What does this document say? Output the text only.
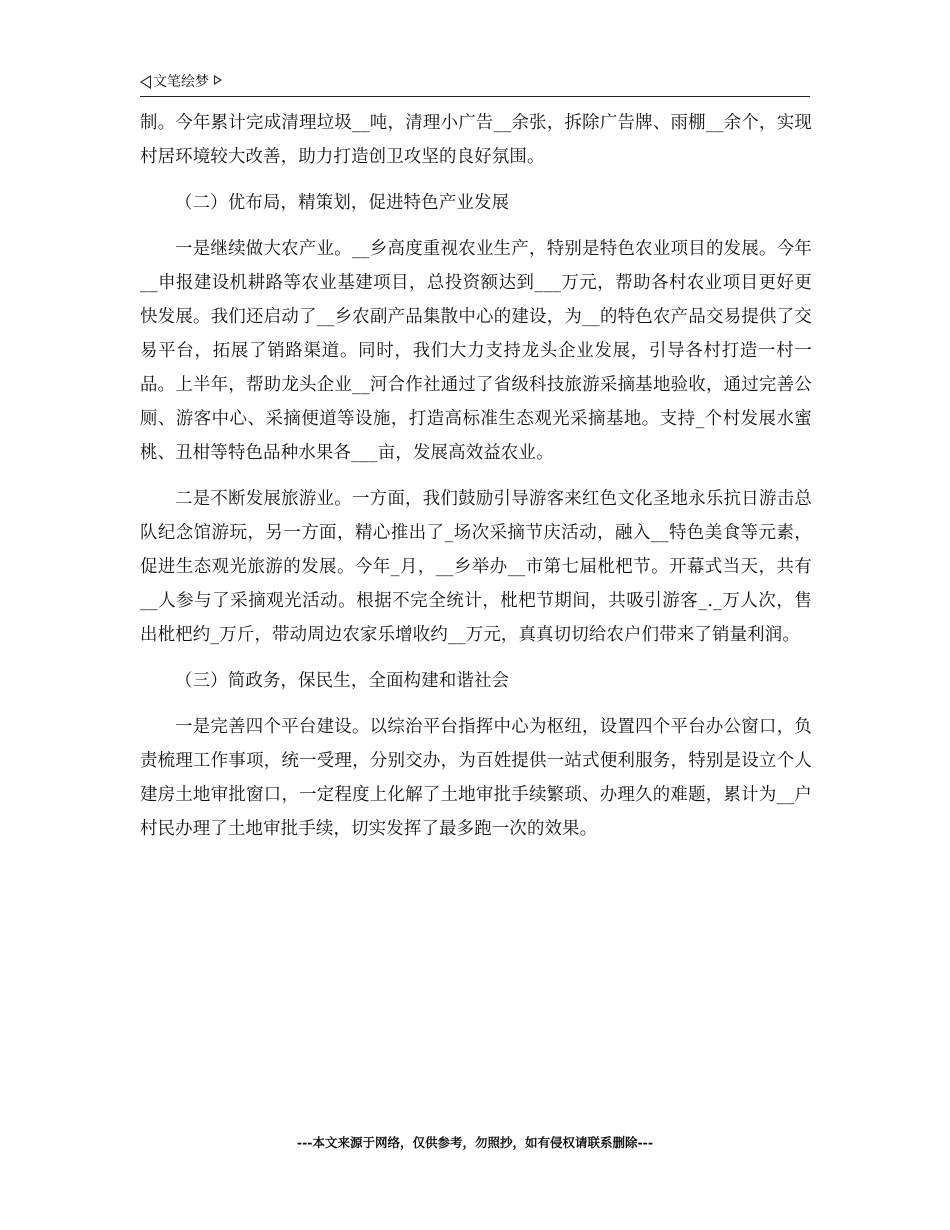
文笔绘梦

制。今年累计完成清理垃圾__吨，清理小广告__余张，拆除广告牌、雨棚__余个，实现村居环境较大改善，助力打造创卫攻坚的良好氛围。

（二）优布局，精策划，促进特色产业发展

一是继续做大农产业。__乡高度重视农业生产，特别是特色农业项目的发展。今年__申报建设机耕路等农业基建项目，总投资额达到___万元，帮助各村农业项目更好更快发展。我们还启动了__乡农副产品集散中心的建设，为__的特色农产品交易提供了交易平台，拓展了销路渠道。同时，我们大力支持龙头企业发展，引导各村打造一村一品。上半年，帮助龙头企业__河合作社通过了省级科技旅游采摘基地验收，通过完善公厕、游客中心、采摘便道等设施，打造高标准生态观光采摘基地。支持_个村发展水蜜桃、丑柑等特色品种水果各___亩，发展高效益农业。

二是不断发展旅游业。一方面，我们鼓励引导游客来红色文化圣地永乐抗日游击总队纪念馆游玩，另一方面，精心推出了_场次采摘节庆活动，融入__特色美食等元素，促进生态观光旅游的发展。今年_月，__乡举办__市第七届枇杷节。开幕式当天，共有__人参与了采摘观光活动。根据不完全统计，枇杷节期间，共吸引游客_._万人次，售出枇杷约_万斤，带动周边农家乐增收约__万元，真真切切给农户们带来了销量利润。

（三）简政务，保民生，全面构建和谐社会

一是完善四个平台建设。以综治平台指挥中心为枢纽，设置四个平台办公窗口，负责梳理工作事项，统一受理，分别交办，为百姓提供一站式便利服务，特别是设立个人建房土地审批窗口，一定程度上化解了土地审批手续繁琐、办理久的难题，累计为__户村民办理了土地审批手续，切实发挥了最多跑一次的效果。

---本文来源于网络，仅供参考，勿照抄，如有侵权请联系删除---
